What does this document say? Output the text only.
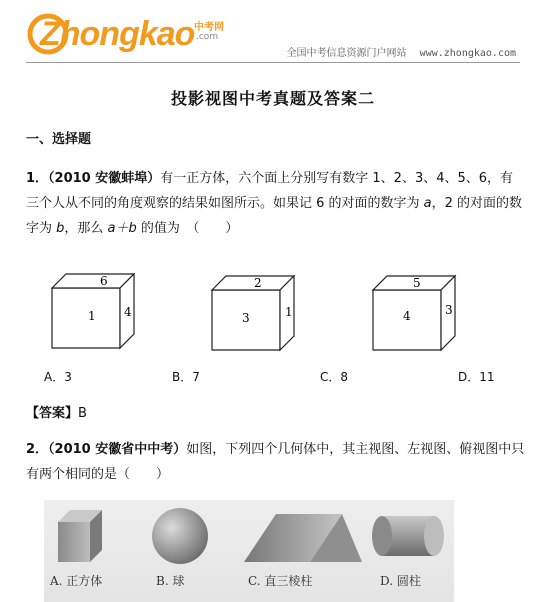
Zhongkao 中考网
.com
全国中考信息资源门户网站 www.zhongkao.com
投影视图中考真题及答案二
一、选择题
1．（2010 安徽蚌埠）有一正方体，六个面上分别写有数字 1、2、3、4、5、6，有三个人从不同的角度观察的结果如图所示。如果记 6 的对面的数字为 a，2 的对面的数字为 b，那么 a＋b 的值为　（　　）
6
1 4
2
3	1
5
4	3
A．3	B．7	C．8	D．11
【答案】B
2．（2010 安徽省中中考）如图，下列四个几何体中，其主视图、左视图、俯视图中只有两个相同的是（　　）
A. 正方体	B. 球	C. 直三棱柱	D. 圆柱
